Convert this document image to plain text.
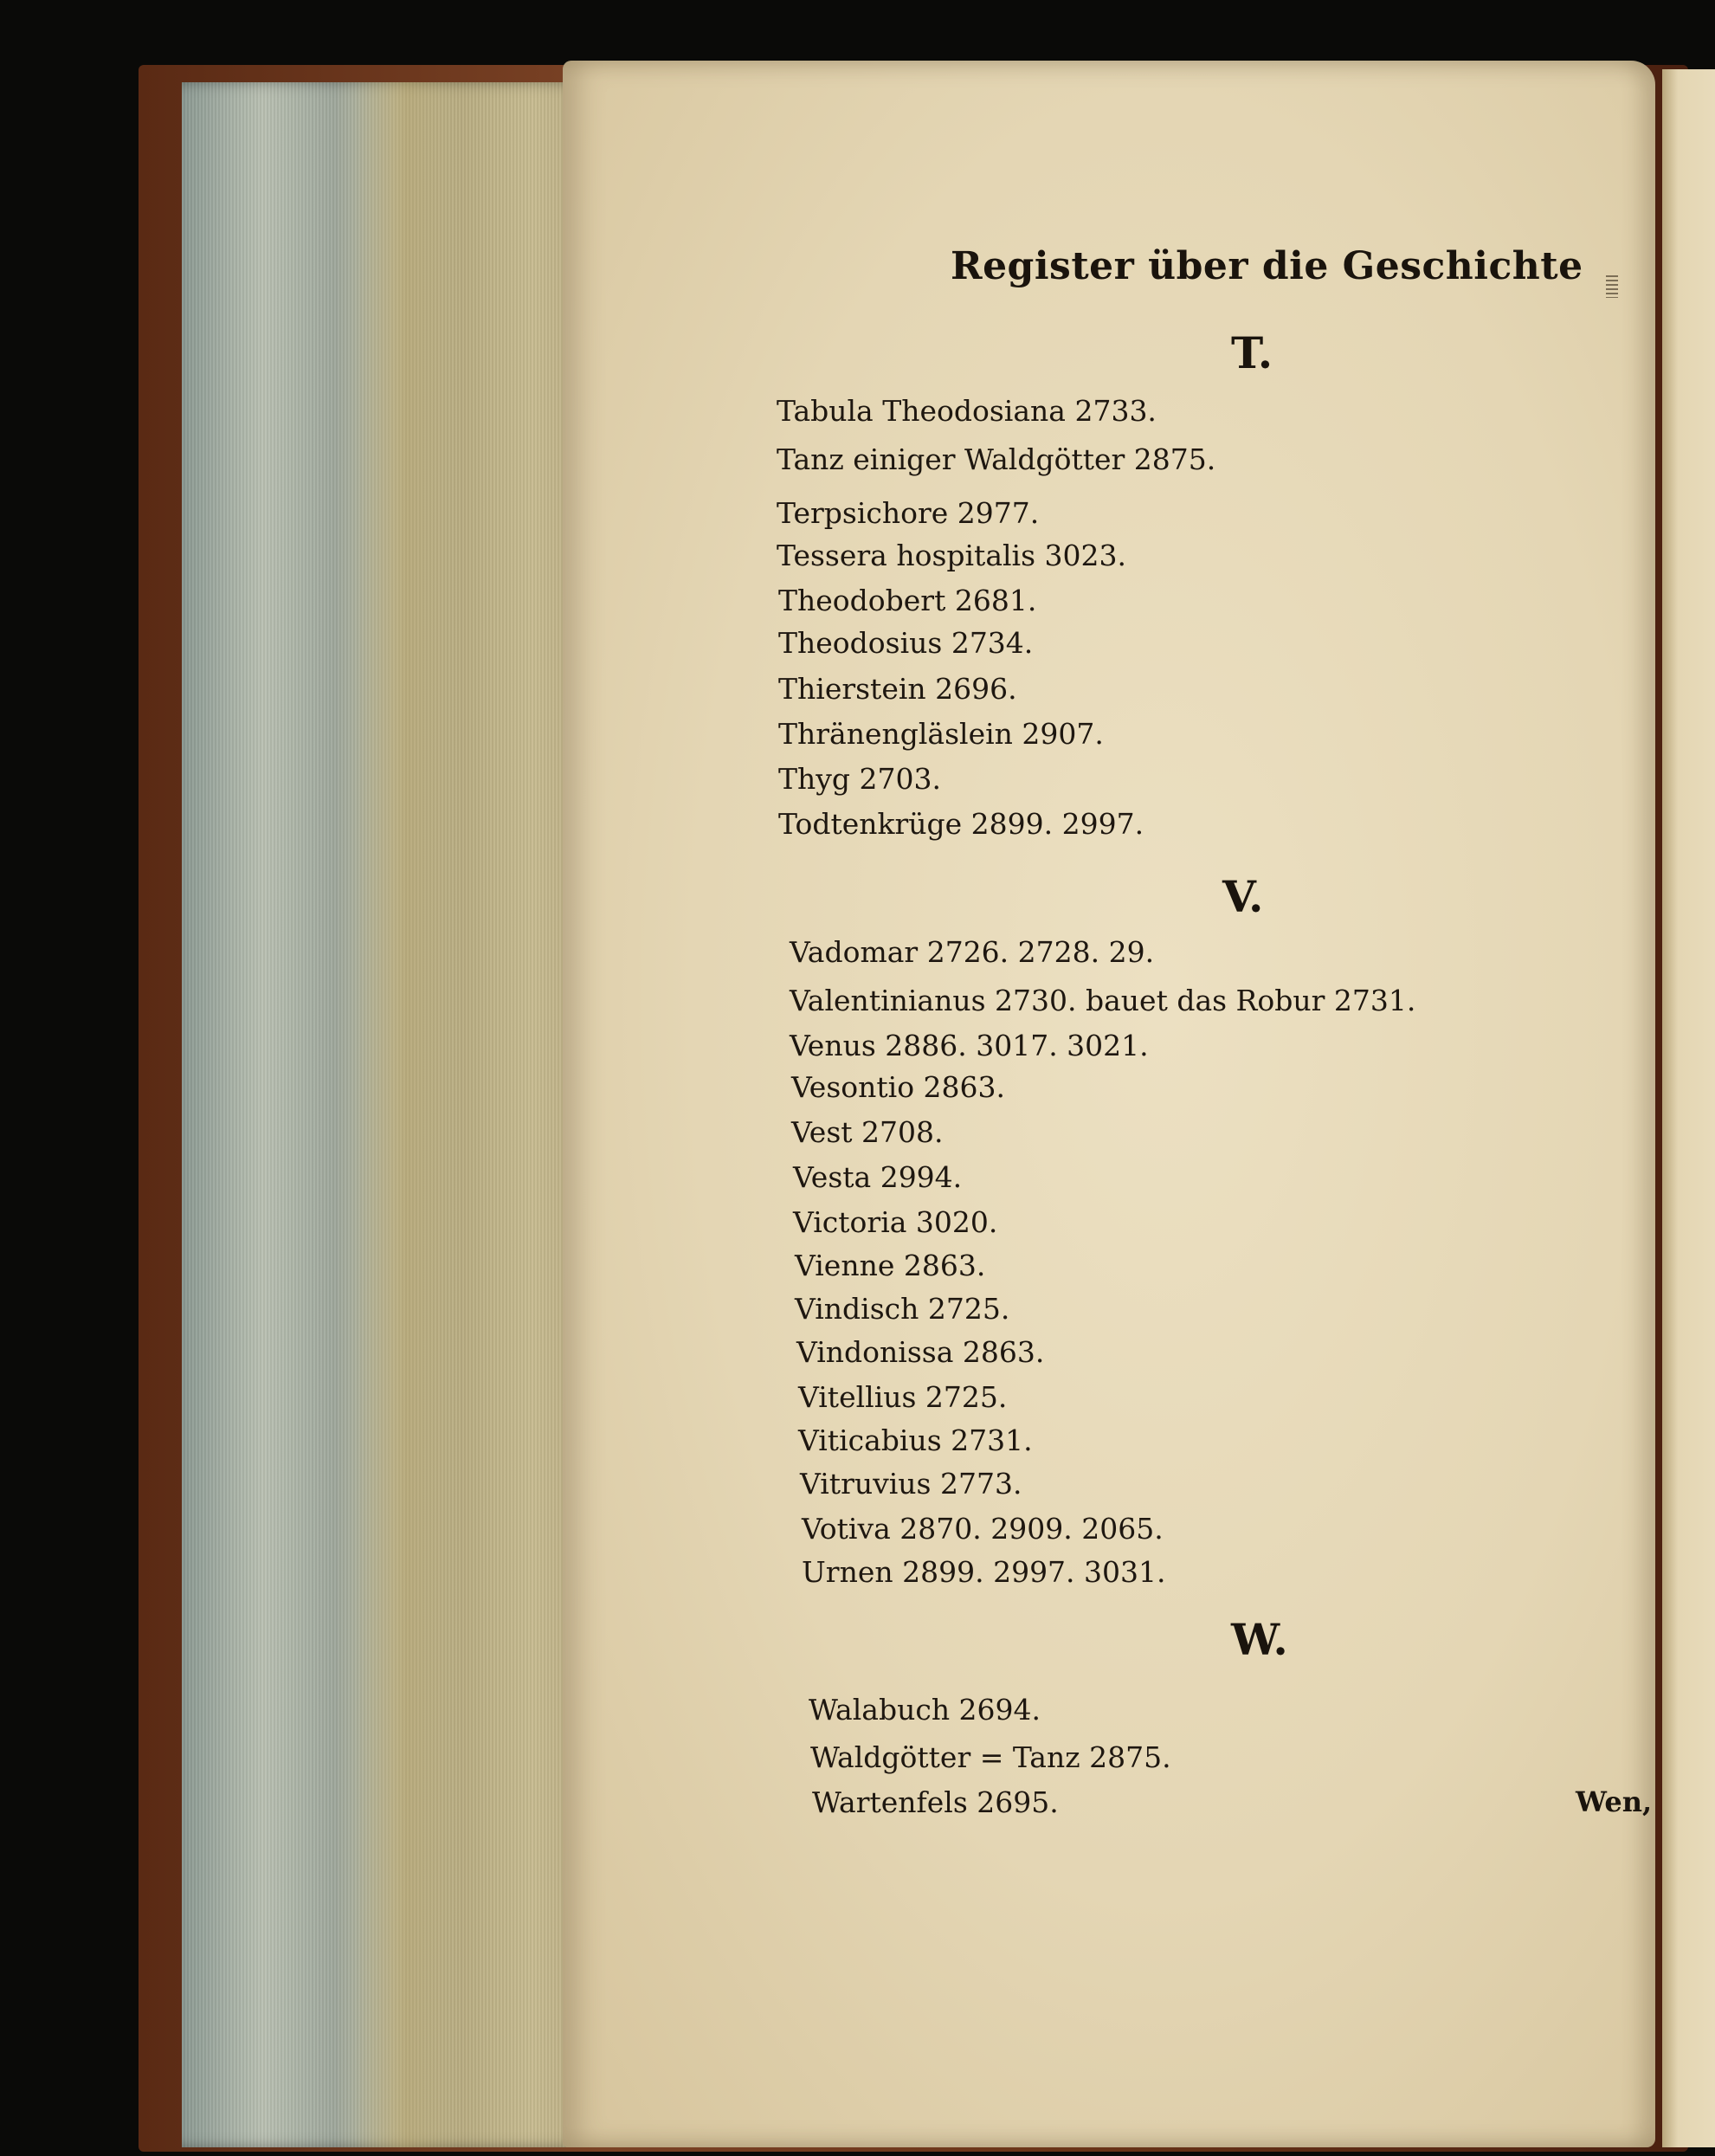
Register über die Geschichte
T.
Tabula Theodosiana 2733.
Tanz einiger Waldgötter 2875.
Terpsichore 2977.
Tessera hospitalis 3023.
Theodobert 2681.
Theodosius 2734.
Thierstein 2696.
Thränengläslein 2907.
Thyg 2703.
Todtenkrüge 2899. 2997.
V.
Vadomar 2726. 2728. 29.
Valentinianus 2730. bauet das Robur 2731.
Venus 2886. 3017. 3021.
Vesontio 2863.
Vest 2708.
Vesta 2994.
Victoria 3020.
Vienne 2863.
Vindisch 2725.
Vindonissa 2863.
Vitellius 2725.
Viticabius 2731.
Vitruvius 2773.
Votiva 2870. 2909. 2065.
Urnen 2899. 2997. 3031.
W.
Walabuch 2694.
Waldgötter = Tanz 2875.
Wartenfels 2695.	Wen,
